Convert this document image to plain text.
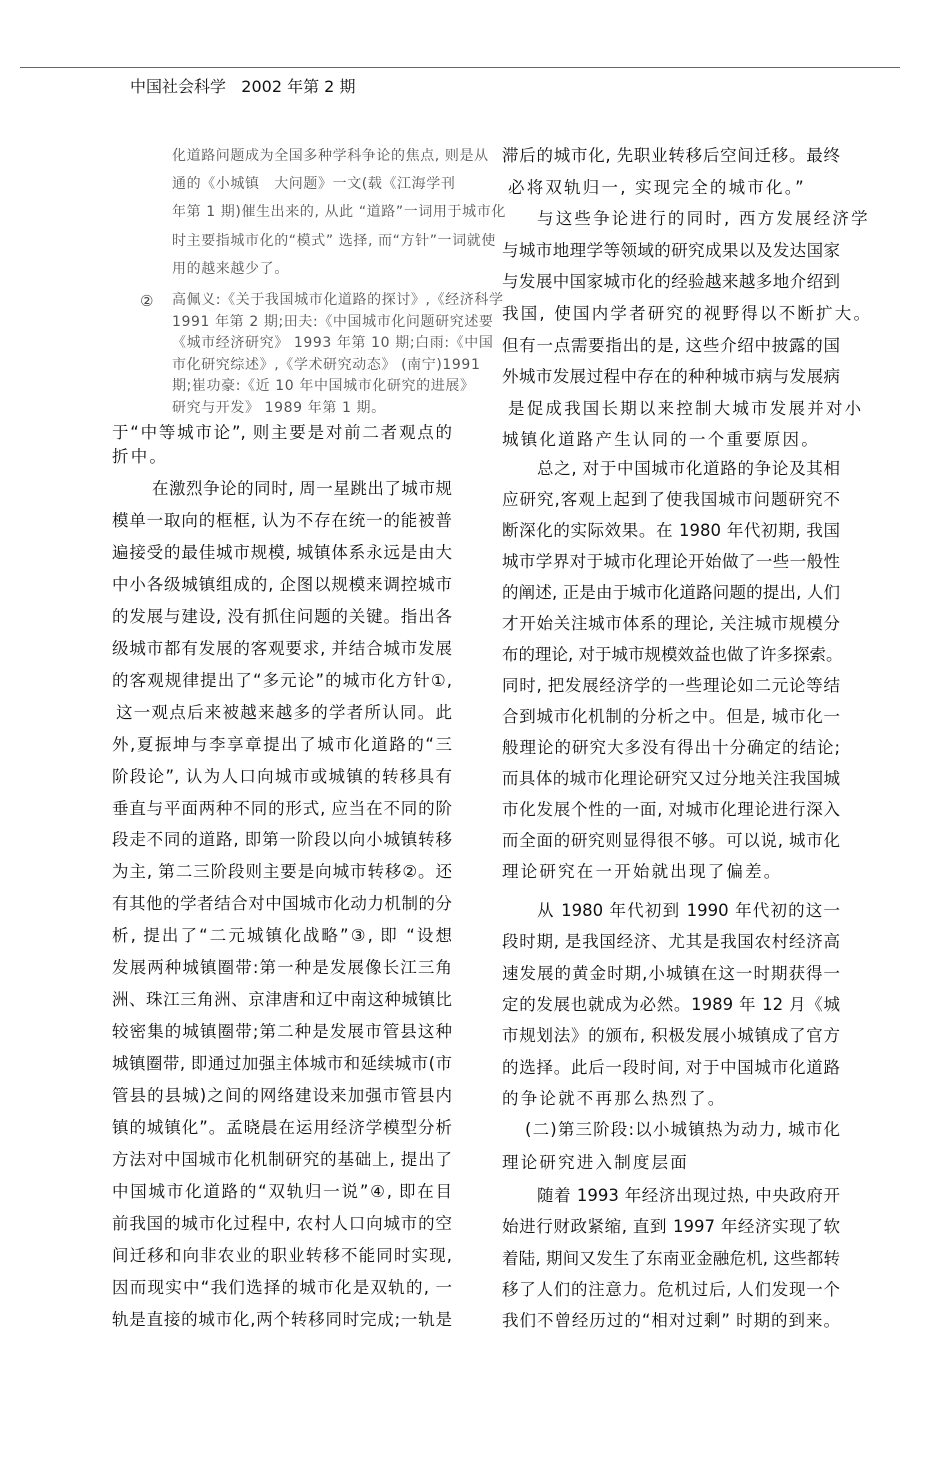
中国社会科学 2002 年第 2 期
②
化道路问题成为全国多种学科争论的焦点, 则是从
通的《小城镇　大问题》一文(载《江海学刊
年第 1 期)催生出来的, 从此 “道路”一词用于城市化
时主要指城市化的“模式” 选择, 而“方针”一词就使
用的越来越少了。
高佩义:《关于我国城市化道路的探讨》,《经济科学
1991 年第 2 期;田夫:《中国城市化问题研究述要
《城市经济研究》 1993 年第 10 期;白雨:《中国
市化研究综述》,《学术研究动态》 (南宁)1991
期;崔功豪:《近 10 年中国城市化研究的进展》
研究与开发》 1989 年第 1 期。
于“中等城市论”, 则主要是对前二者观点的
折中。
在激烈争论的同时, 周一星跳出了城市规
模单一取向的框框, 认为不存在统一的能被普
遍接受的最佳城市规模, 城镇体系永远是由大
中小各级城镇组成的, 企图以规模来调控城市
的发展与建设, 没有抓住问题的关键。指出各
级城市都有发展的客观要求, 并结合城市发展
的客观规律提出了“多元论”的城市化方针①,
这一观点后来被越来越多的学者所认同。此
外,夏振坤与李享章提出了城市化道路的“三
阶段论”, 认为人口向城市或城镇的转移具有
垂直与平面两种不同的形式, 应当在不同的阶
段走不同的道路, 即第一阶段以向小城镇转移
为主, 第二三阶段则主要是向城市转移②。还
有其他的学者结合对中国城市化动力机制的分
析, 提出了“二元城镇化战略”③, 即 “设想
发展两种城镇圈带:第一种是发展像长江三角
洲、珠江三角洲、京津唐和辽中南这种城镇比
较密集的城镇圈带;第二种是发展市管县这种
城镇圈带, 即通过加强主体城市和延续城市(市
管县的县城)之间的网络建设来加强市管县内
镇的城镇化”。孟晓晨在运用经济学模型分析
方法对中国城市化机制研究的基础上, 提出了
中国城市化道路的“双轨归一说”④, 即在目
前我国的城市化过程中, 农村人口向城市的空
间迁移和向非农业的职业转移不能同时实现,
因而现实中“我们选择的城市化是双轨的, 一
轨是直接的城市化,两个转移同时完成;一轨是
滞后的城市化, 先职业转移后空间迁移。最终
必将双轨归一, 实现完全的城市化。”
与这些争论进行的同时, 西方发展经济学
与城市地理学等领域的研究成果以及发达国家
与发展中国家城市化的经验越来越多地介绍到
我国, 使国内学者研究的视野得以不断扩大。
但有一点需要指出的是, 这些介绍中披露的国
外城市发展过程中存在的种种城市病与发展病
是促成我国长期以来控制大城市发展并对小
城镇化道路产生认同的一个重要原因。
总之, 对于中国城市化道路的争论及其相
应研究,客观上起到了使我国城市问题研究不
断深化的实际效果。在 1980 年代初期, 我国
城市学界对于城市化理论开始做了一些一般性
的阐述, 正是由于城市化道路问题的提出, 人们
才开始关注城市体系的理论, 关注城市规模分
布的理论, 对于城市规模效益也做了许多探索。
同时, 把发展经济学的一些理论如二元论等结
合到城市化机制的分析之中。但是, 城市化一
般理论的研究大多没有得出十分确定的结论;
而具体的城市化理论研究又过分地关注我国城
市化发展个性的一面, 对城市化理论进行深入
而全面的研究则显得很不够。可以说, 城市化
理论研究在一开始就出现了偏差。
从 1980 年代初到 1990 年代初的这一
段时期, 是我国经济、尤其是我国农村经济高
速发展的黄金时期,小城镇在这一时期获得一
定的发展也就成为必然。1989 年 12 月《城
市规划法》的颁布, 积极发展小城镇成了官方
的选择。此后一段时间, 对于中国城市化道路
的争论就不再那么热烈了。
(二)第三阶段:以小城镇热为动力, 城市化
理论研究进入制度层面
随着 1993 年经济出现过热, 中央政府开
始进行财政紧缩, 直到 1997 年经济实现了软
着陆, 期间又发生了东南亚金融危机, 这些都转
移了人们的注意力。危机过后, 人们发现一个
我们不曾经历过的“相对过剩” 时期的到来。
